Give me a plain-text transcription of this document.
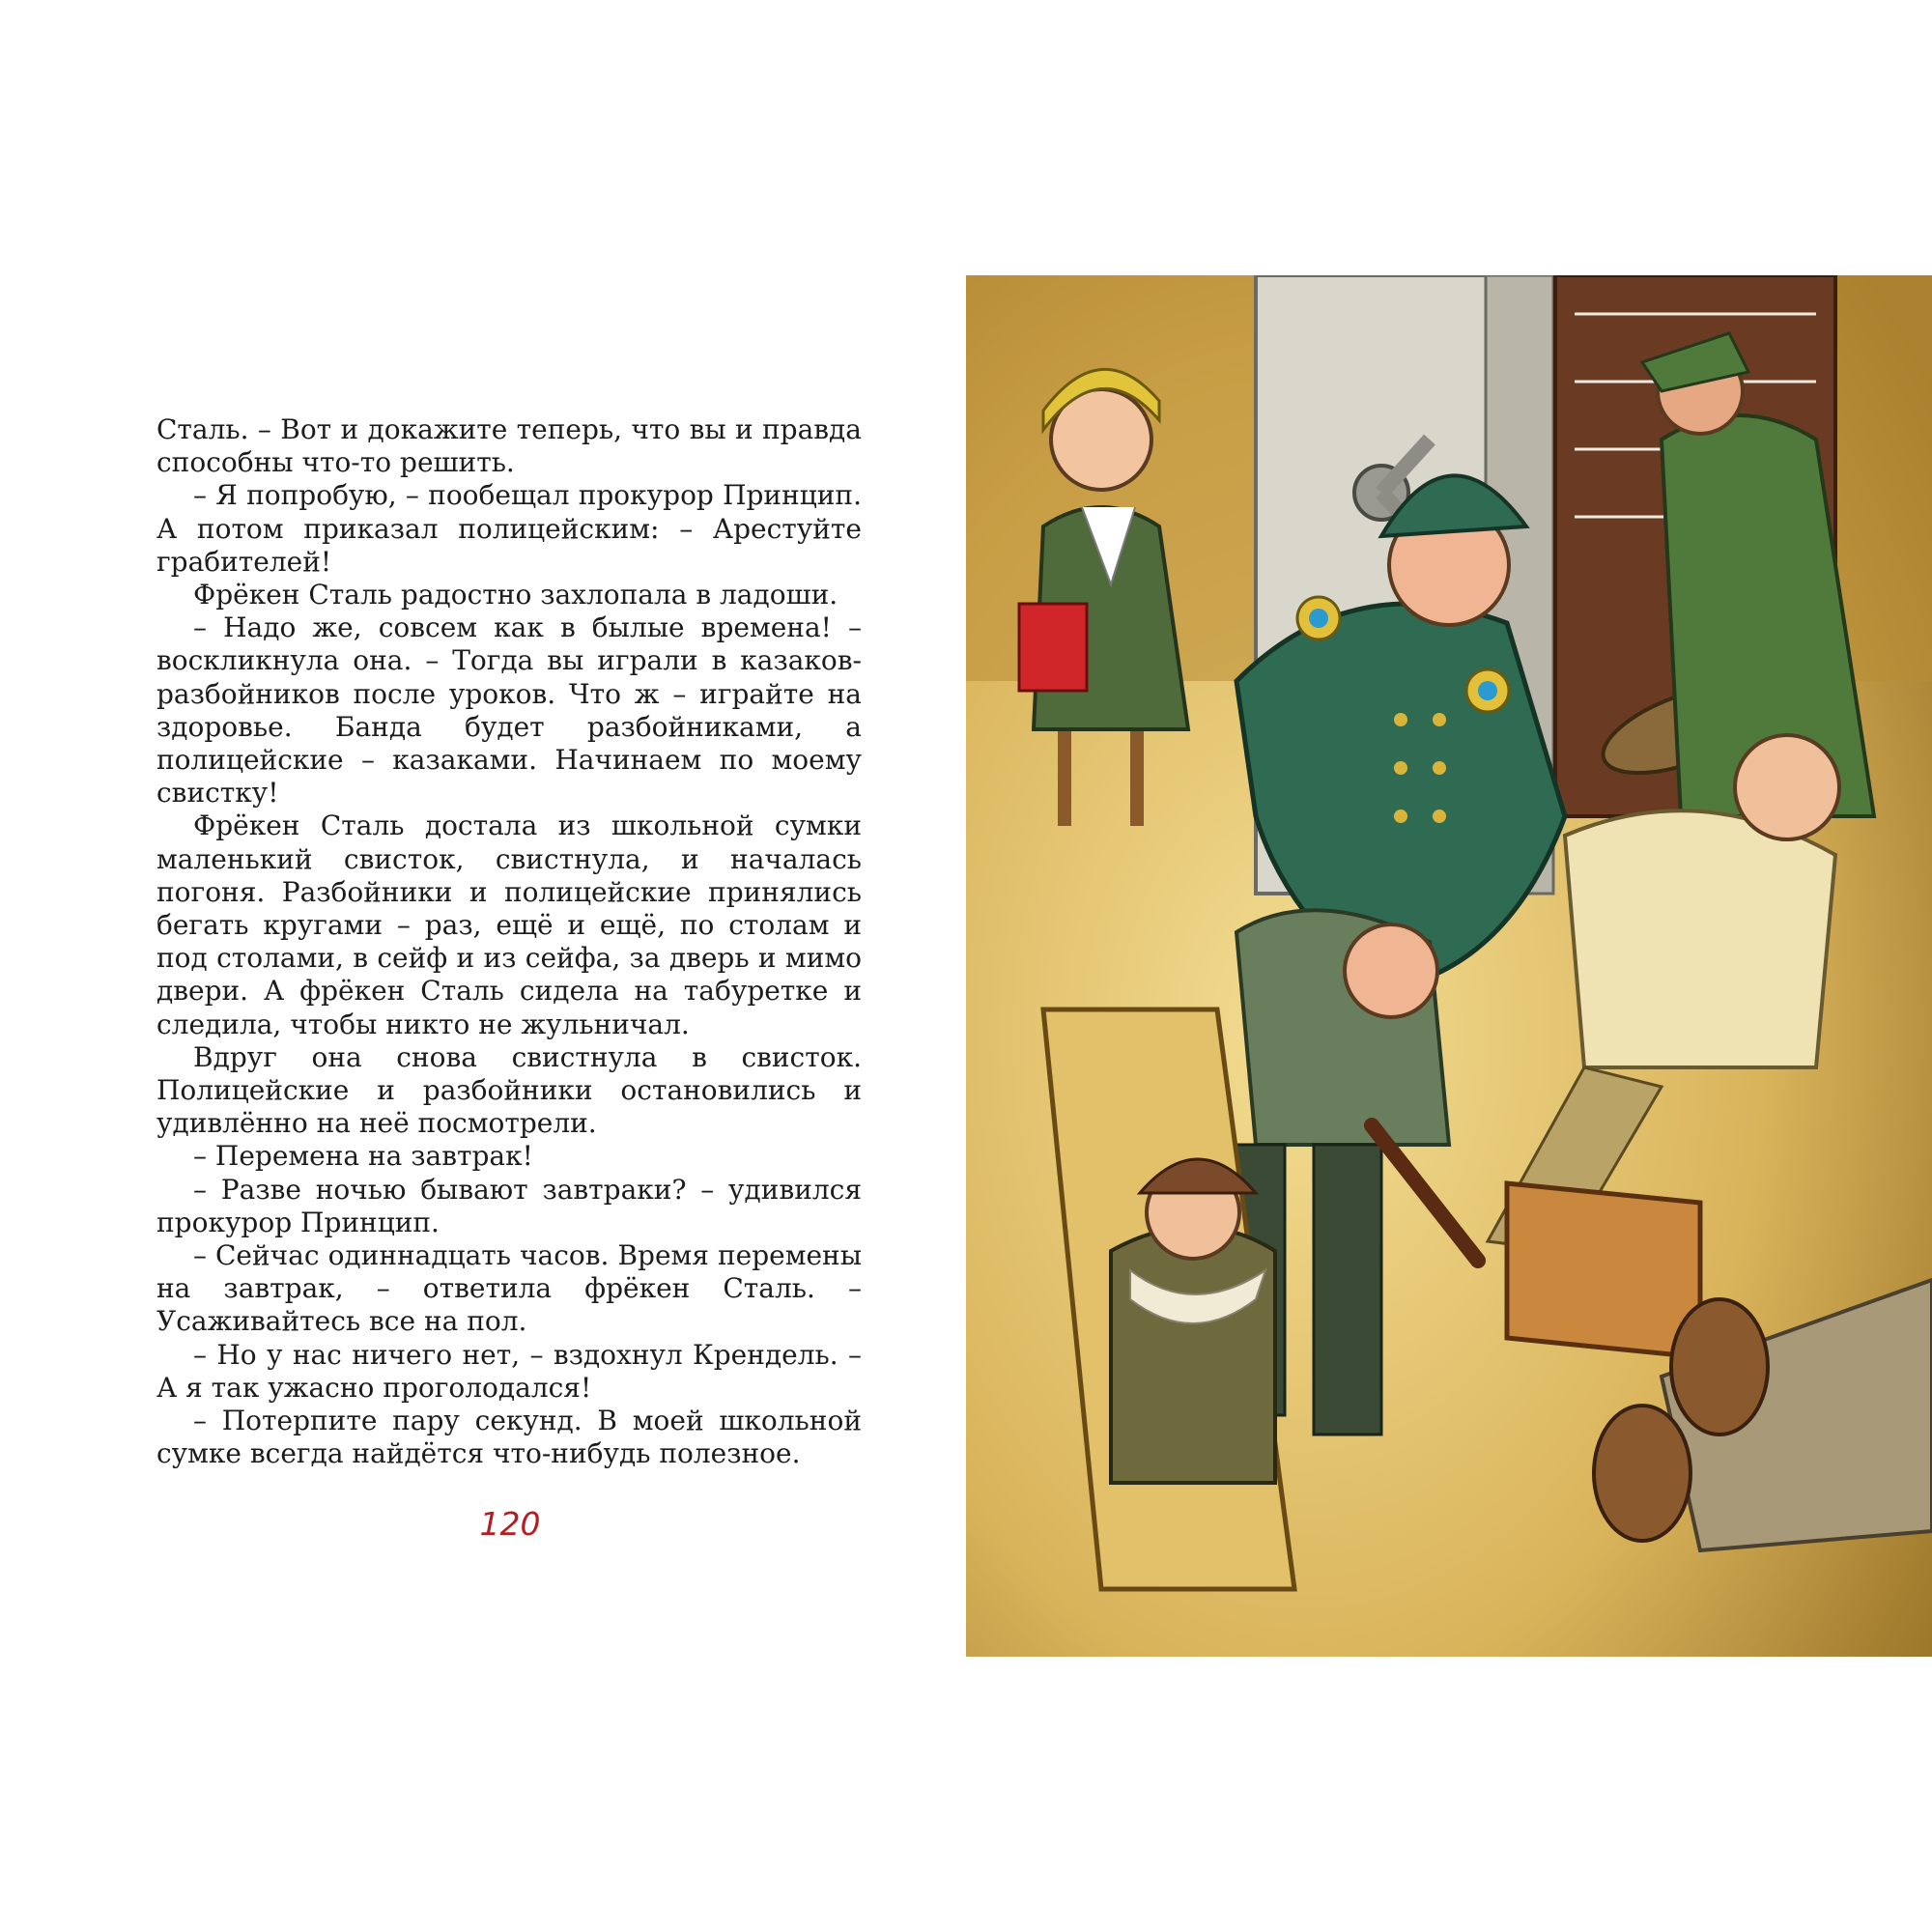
Сталь. – Вот и докажите теперь, что вы и правда способны что-то решить.

– Я попробую, – пообещал прокурор Принцип. А потом приказал полицейским: – Арестуйте грабителей!

Фрёкен Сталь радостно захлопала в ладоши.

– Надо же, совсем как в былые времена! – воскликнула она. – Тогда вы играли в казаков-разбойников после уроков. Что ж – играйте на здоровье. Банда будет разбойниками, а полицейские – казаками. Начинаем по моему свистку!

Фрёкен Сталь достала из школьной сумки маленький свисток, свистнула, и началась погоня. Разбойники и полицейские принялись бегать кругами – раз, ещё и ещё, по столам и под столами, в сейф и из сейфа, за дверь и мимо двери. А фрёкен Сталь сидела на табуретке и следила, чтобы никто не жульничал.

Вдруг она снова свистнула в свисток. Полицейские и разбойники остановились и удивлённо на неё посмотрели.

– Перемена на завтрак!

– Разве ночью бывают завтраки? – удивился прокурор Принцип.

– Сейчас одиннадцать часов. Время перемены на завтрак, – ответила фрёкен Сталь. – Усаживайтесь все на пол.

– Но у нас ничего нет, – вздохнул Крендель. – А я так ужасно проголодался!

– Потерпите пару секунд. В моей школьной сумке всегда найдётся что-нибудь полезное.

120
